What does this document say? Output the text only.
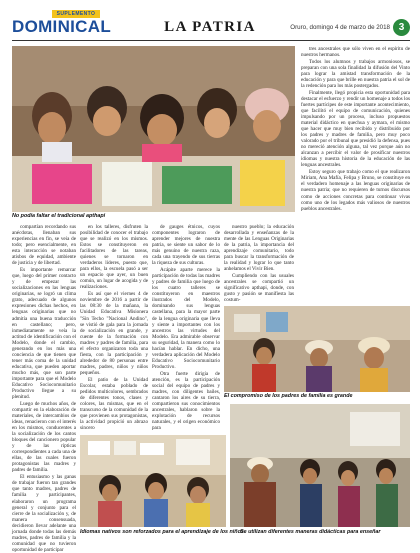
SUPLEMENTO
DOMINICAL	LA PATRIA	Oruro, domingo 4 de marzo de 2018 3
No podía faltar el tradicional apthapi

tres ancestrales que sólo viven en el espíritu de nuestros hermanos.

Todos los alumnos y trabajos armoniosos, se preparan con una sola finalidad la difusión del Vinto para lograr la amistad transformación de la educación y para que brille en nuestra patria el sol de la redención para los más postergados.

Finalmente, llegó propicia esta oportunidad para destacar el esfuerzo y rendir un homenaje a todos los fuertes partícipes de este importante acontecimiento, que facilitó el equipo de comunicación, quienes impulsando por un proceso, incluso propuestos material didáctico en quechua y aymara, el mismo que hacer que muy bien recibido y distribuido por los padres y madres de familia, pero muy poco valorado por el tribunal que presidió la defensa, pues no mereció atención alguna, tal vez porque aún no alcanzan a percibir el valor de prosificar nuestros idiomas y nuestra historia de la educación de las lenguas ancestrales.

Estoy seguro que trabajo como el que realizaron Miriam, Ana Mafía, Felipa y Bruno, se constituye en el verdadero homenaje a las lenguas originarias de nuestra patria; que no requieren de turnos discursos como de acciones concretas para continuar vivas como uno de los legados más valiosos de nuestros pueblos ancestrales.

compartían recordando sus anécdotas, llenaban sus experiencias en fin, se veía de todo; pero esencialmente, en esta interacción se notaban atisbos de equidad, ambiente de justicia y de libertad.

Es importante remarcar que, luego del primer contacto y de empezar las socializaciones en las lenguas originarias, se logró un clima grato, adecuado de algunos expresiones dichas hechos, en lenguas originarias que no admitía una buena traducción en castellano; pero, inmediatamente se veía la actitud de identificación con el Modelo, donde el cambio, generando en los más una conciencia de que tienen que tener más coma de la unidad educativa, que pueden aportar mucho más, que son parte importante para que el Modelo Educativo Sociocomunitario Productivo llegue a su plenitud.

Luego de muchos años, de compartir en la elaboración de materiales, de intercambios de ideas, renacieron con el interés en los mismos, conducentes a la socialización de los cantos bloques del cancionero popular y de las rípticas correspondientes a cada una de ellas, de las cuales fueron protagonistas las madres y padres de familia.

El entusiasmo y las ganas de trabajar fueron tan grandes que tanto madres, padres de familia y participantes, elaboraron un programa general y conjunto para el cierre de la socialización y, de manera consensuada, decidieron llevar adelante una jornada donde todas las demás madres, padres de familia y la comunidad que no tuvieron oportunidad de participar

en los talleres, disfruten la posibilidad de conocer el trabajo que se realizó en los mismos. Estos se constituyeron en facilitadores de las tareas, quienes se tornaron en verdaderos líderes, puesto que, para ellos, la escuela pasó a ser un espacio que ayer, un buen común, un lugar de acogida y de realizaciones.

Es así que el viernes 4 de noviembre de 2016 a partir de las 08:30 de la mañana, la Unidad Educativa Misionera "Sin Techo "Nacional Andino", se vistió de gala para la jornada de socialización en grande, y cuente de la formación con madres y padres de familia, para el efecto organizaron toda una fiesta, con la participación y alrededor de 80 personas entre madres, padres, niños y niños pequeños.

El patio de la Unidad Escolar, estaba poblado de pedidos multicolores, sembrados de diferentes tonos, clases y colores, las mismas, que en el transcurso de la comunidad de la que provienen sus protagonistas, la actividad propició un abrazo sincero

de gauges étnicos, cuyos componentes lograron de aprender mejores de nuestra patria, se siente un sabor de lo más genuino de nuestra raza, cada una trayendo de sus tierras la riqueza de sus culturas.

Acápite aparte merece la participación de todas las madres y padres de familia que luego de los cuatro talleres se constituyeron en maestros ilustrados del Modelo, dominando sus lenguas castellana, para la mayor parte de la lengua originaria que lleva y siente a importantes con los ancestros las virtudes del Modelo. Era admirable observar su seguridad, la manera como lo hacían hablar. En dicho, una verdadera aplicación del Modelo Educativo Sociocomunitario Productivo.

Otra fuerte dirigía de atención, es la participación social del equipo de padres y madres, con diligentes bailes, cantaron los aires de su tierra, compartieron sus conocimientos ancestrales, hablaron sobre la explotación de recursos naturales, y el origen económico para

nuestro pueblo; la educación desarrollada y enseñanzas de la mente de las Lenguas Originarias de la patria, la importancia del aprendizaje comunitario, todo para buscar la transformación de la realidad y lograr lo que tanto anhelamos el Vivir Bien.

Cumpliendo con las usuales ancestrales se compartió un significativo apthapi, donde, con gusto y pasión se manifiesta las costum-

El compromiso de los padres de familia es grande
Idiomas nativos son reforzados para el aprendizaje de los niños
Se utilizan diferentes maneras didácticas para enseñar
